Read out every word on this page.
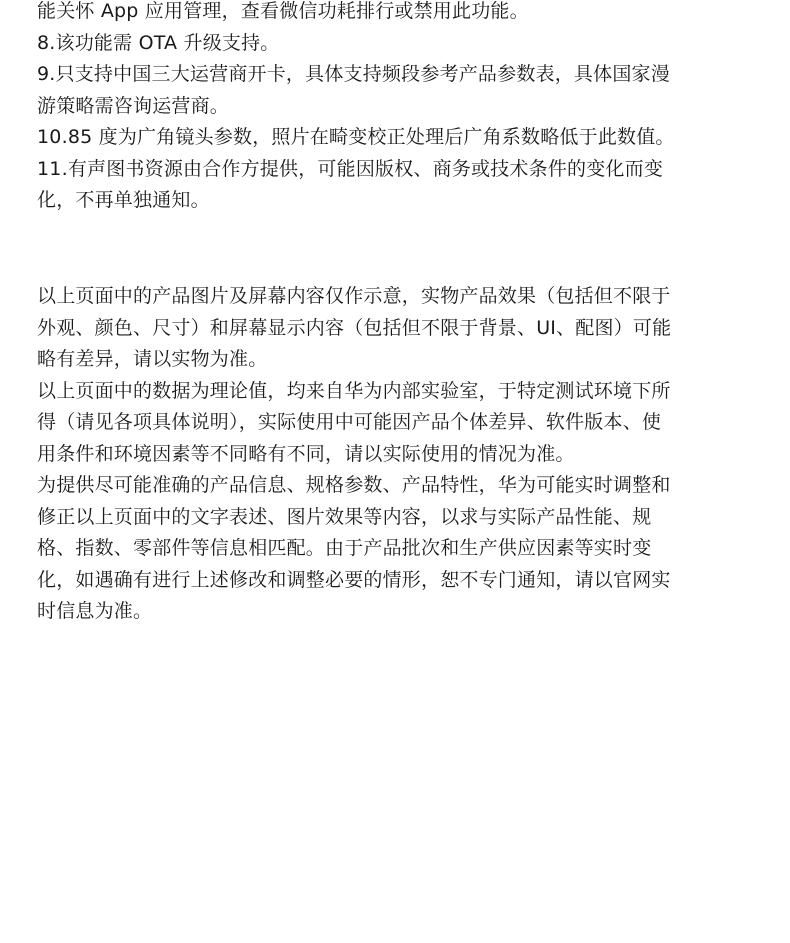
能关怀 App 应用管理，查看微信功耗排行或禁用此功能。
8.该功能需 OTA 升级支持。
9.只支持中国三大运营商开卡，具体支持频段参考产品参数表，具体国家漫
游策略需咨询运营商。
10.85 度为广角镜头参数，照片在畸变校正处理后广角系数略低于此数值。
11.有声图书资源由合作方提供，可能因版权、商务或技术条件的变化而变
化，不再单独通知。
以上页面中的产品图片及屏幕内容仅作示意，实物产品效果（包括但不限于
外观、颜色、尺寸）和屏幕显示内容（包括但不限于背景、UI、配图）可能
略有差异，请以实物为准。
以上页面中的数据为理论值，均来自华为内部实验室，于特定测试环境下所
得（请见各项具体说明），实际使用中可能因产品个体差异、软件版本、使
用条件和环境因素等不同略有不同，请以实际使用的情况为准。
为提供尽可能准确的产品信息、规格参数、产品特性，华为可能实时调整和
修正以上页面中的文字表述、图片效果等内容，以求与实际产品性能、规
格、指数、零部件等信息相匹配。由于产品批次和生产供应因素等实时变
化，如遇确有进行上述修改和调整必要的情形，恕不专门通知，请以官网实
时信息为准。
